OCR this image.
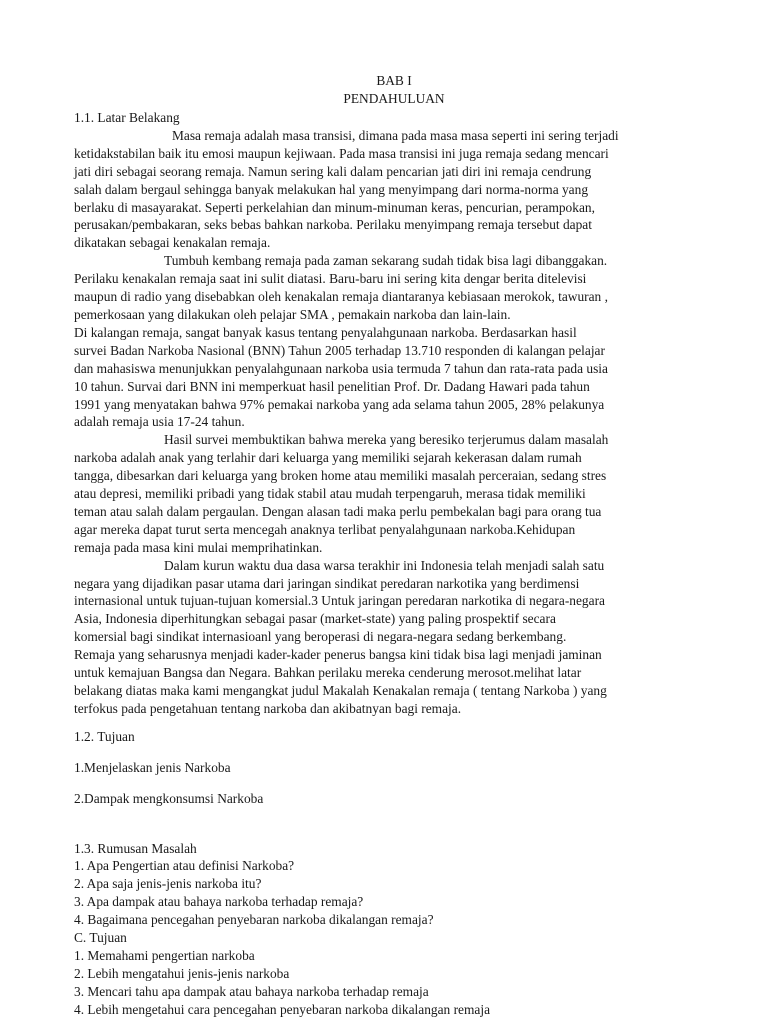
BAB I

PENDAHULUAN

1.1. Latar Belakang

Masa remaja adalah masa transisi, dimana pada masa masa seperti ini sering terjadi

ketidakstabilan baik itu emosi maupun kejiwaan. Pada masa transisi ini juga remaja sedang mencari

jati diri sebagai seorang remaja. Namun sering kali dalam pencarian jati diri ini remaja cendrung

salah dalam bergaul sehingga banyak melakukan hal yang menyimpang dari norma-norma yang

berlaku di masayarakat. Seperti perkelahian dan minum-minuman keras, pencurian, perampokan,

perusakan/pembakaran, seks bebas bahkan narkoba. Perilaku menyimpang remaja tersebut dapat

dikatakan sebagai kenakalan remaja.

Tumbuh kembang remaja pada zaman sekarang sudah tidak bisa lagi dibanggakan.

Perilaku kenakalan remaja saat ini sulit diatasi. Baru-baru ini sering kita dengar berita ditelevisi

maupun di radio yang disebabkan oleh kenakalan remaja diantaranya kebiasaan merokok, tawuran ,

pemerkosaan yang dilakukan oleh pelajar SMA , pemakain narkoba dan lain-lain.

Di kalangan remaja, sangat banyak kasus tentang penyalahgunaan narkoba. Berdasarkan hasil

survei Badan Narkoba Nasional (BNN) Tahun 2005 terhadap 13.710 responden di kalangan pelajar

dan mahasiswa menunjukkan penyalahgunaan narkoba usia termuda 7 tahun dan rata-rata pada usia

10 tahun. Survai dari BNN ini memperkuat hasil penelitian Prof. Dr. Dadang Hawari pada tahun

1991 yang menyatakan bahwa 97% pemakai narkoba yang ada selama tahun 2005, 28% pelakunya

adalah remaja usia 17-24 tahun.

Hasil survei membuktikan bahwa mereka yang beresiko terjerumus dalam masalah

narkoba adalah anak yang terlahir dari keluarga yang memiliki sejarah kekerasan dalam rumah

tangga, dibesarkan dari keluarga yang broken home atau memiliki masalah perceraian, sedang stres

atau depresi, memiliki pribadi yang tidak stabil atau mudah terpengaruh, merasa tidak memiliki

teman atau salah dalam pergaulan. Dengan alasan tadi maka perlu pembekalan bagi para orang tua

agar mereka dapat turut serta mencegah anaknya terlibat penyalahgunaan narkoba.Kehidupan

remaja pada masa kini mulai memprihatinkan.

Dalam kurun waktu dua dasa warsa terakhir ini Indonesia telah menjadi salah satu

negara yang dijadikan pasar utama dari jaringan sindikat peredaran narkotika yang berdimensi

internasional untuk tujuan-tujuan komersial.3 Untuk jaringan peredaran narkotika di negara-negara

Asia, Indonesia diperhitungkan sebagai pasar (market-state) yang paling prospektif secara

komersial bagi sindikat internasioanl yang beroperasi di negara-negara sedang berkembang.

Remaja yang seharusnya menjadi kader-kader penerus bangsa kini tidak bisa lagi menjadi jaminan

untuk kemajuan Bangsa dan Negara. Bahkan perilaku mereka cenderung merosot.melihat latar

belakang diatas maka kami mengangkat judul Makalah Kenakalan remaja ( tentang Narkoba ) yang

terfokus pada pengetahuan tentang narkoba dan akibatnyan bagi remaja.

1.2. Tujuan

1.Menjelaskan jenis Narkoba

2.Dampak mengkonsumsi Narkoba

1.3. Rumusan Masalah

1. Apa Pengertian atau definisi Narkoba?

2. Apa saja jenis-jenis narkoba itu?

3. Apa dampak atau bahaya narkoba terhadap remaja?

4. Bagaimana pencegahan penyebaran narkoba dikalangan remaja?

C. Tujuan

1. Memahami pengertian narkoba

2. Lebih mengatahui jenis-jenis narkoba

3. Mencari tahu apa dampak atau bahaya narkoba terhadap remaja

4. Lebih mengetahui cara pencegahan penyebaran narkoba dikalangan remaja
